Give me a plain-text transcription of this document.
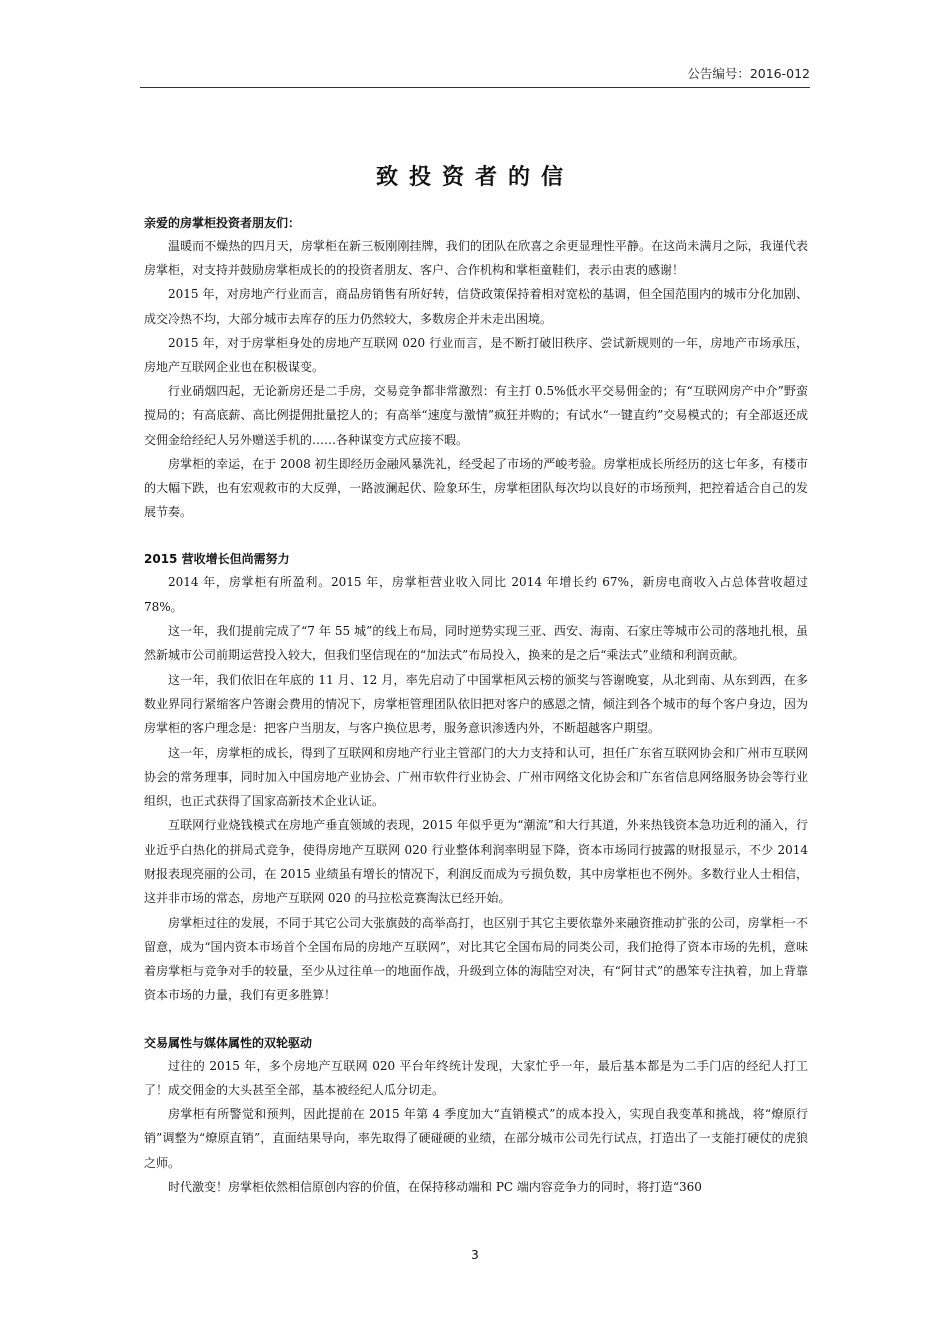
公告编号：2016-012
致投资者的信

亲爱的房掌柜投资者朋友们：

温暖而不燥热的四月天，房掌柜在新三板刚刚挂牌，我们的团队在欣喜之余更显理性平静。在这尚未满月之际，我谨代表房掌柜，对支持并鼓励房掌柜成长的的投资者朋友、客户、合作机构和掌柜童鞋们，表示由衷的感谢！

2015 年，对房地产行业而言，商品房销售有所好转，信贷政策保持着相对宽松的基调，但全国范围内的城市分化加剧、成交冷热不均，大部分城市去库存的压力仍然较大，多数房企并未走出困境。

2015 年，对于房掌柜身处的房地产互联网 020 行业而言，是不断打破旧秩序、尝试新规则的一年，房地产市场承压，房地产互联网企业也在积极谋变。

行业硝烟四起，无论新房还是二手房，交易竞争都非常激烈：有主打 0.5%低水平交易佣金的；有“互联网房产中介”野蛮搅局的；有高底薪、高比例提佣批量挖人的；有高举“速度与激情”疯狂并购的；有试水“一键直约”交易模式的；有全部返还成交佣金给经纪人另外赠送手机的……各种谋变方式应接不暇。

房掌柜的幸运，在于 2008 初生即经历金融风暴洗礼，经受起了市场的严峻考验。房掌柜成长所经历的这七年多，有楼市的大幅下跌，也有宏观救市的大反弹，一路波澜起伏、险象环生，房掌柜团队每次均以良好的市场预判，把控着适合自己的发展节奏。

2015 营收增长但尚需努力

2014 年，房掌柜有所盈利。2015 年，房掌柜营业收入同比 2014 年增长约 67%，新房电商收入占总体营收超过 78%。

这一年，我们提前完成了“7 年 55 城”的线上布局，同时逆势实现三亚、西安、海南、石家庄等城市公司的落地扎根，虽然新城市公司前期运营投入较大，但我们坚信现在的“加法式”布局投入，换来的是之后“乘法式”业绩和利润贡献。

这一年，我们依旧在年底的 11 月、12 月，率先启动了中国掌柜风云榜的颁奖与答谢晚宴，从北到南、从东到西，在多数业界同行紧缩客户答谢会费用的情况下，房掌柜管理团队依旧把对客户的感恩之情，倾注到各个城市的每个客户身边，因为房掌柜的客户理念是：把客户当朋友，与客户换位思考，服务意识渗透内外，不断超越客户期望。

这一年，房掌柜的成长，得到了互联网和房地产行业主管部门的大力支持和认可，担任广东省互联网协会和广州市互联网协会的常务理事，同时加入中国房地产业协会、广州市软件行业协会、广州市网络文化协会和广东省信息网络服务协会等行业组织，也正式获得了国家高新技术企业认证。

互联网行业烧钱模式在房地产垂直领域的表现，2015 年似乎更为“潮流”和大行其道，外来热钱资本急功近利的涌入，行业近乎白热化的拼局式竞争，使得房地产互联网 020 行业整体利润率明显下降，资本市场同行披露的财报显示，不少 2014 财报表现亮丽的公司，在 2015 业绩虽有增长的情况下，利润反而成为亏损负数，其中房掌柜也不例外。多数行业人士相信，这并非市场的常态，房地产互联网 020 的马拉松竞赛淘汰已经开始。

房掌柜过往的发展，不同于其它公司大张旗鼓的高举高打，也区别于其它主要依靠外来融资推动扩张的公司，房掌柜一不留意，成为“国内资本市场首个全国布局的房地产互联网”，对比其它全国布局的同类公司，我们抢得了资本市场的先机，意味着房掌柜与竞争对手的较量，至少从过往单一的地面作战，升级到立体的海陆空对决，有“阿甘式”的愚笨专注执着，加上背靠资本市场的力量，我们有更多胜算！

交易属性与媒体属性的双轮驱动

过往的 2015 年，多个房地产互联网 020 平台年终统计发现，大家忙乎一年，最后基本都是为二手门店的经纪人打工了！成交佣金的大头甚至全部，基本被经纪人瓜分切走。

房掌柜有所警觉和预判，因此提前在 2015 年第 4 季度加大“直销模式”的成本投入，实现自我变革和挑战，将“燎原行销”调整为“燎原直销”，直面结果导向，率先取得了硬碰硬的业绩，在部分城市公司先行试点，打造出了一支能打硬仗的虎狼之师。

时代激变！房掌柜依然相信原创内容的价值，在保持移动端和 PC 端内容竞争力的同时，将打造“360

3
